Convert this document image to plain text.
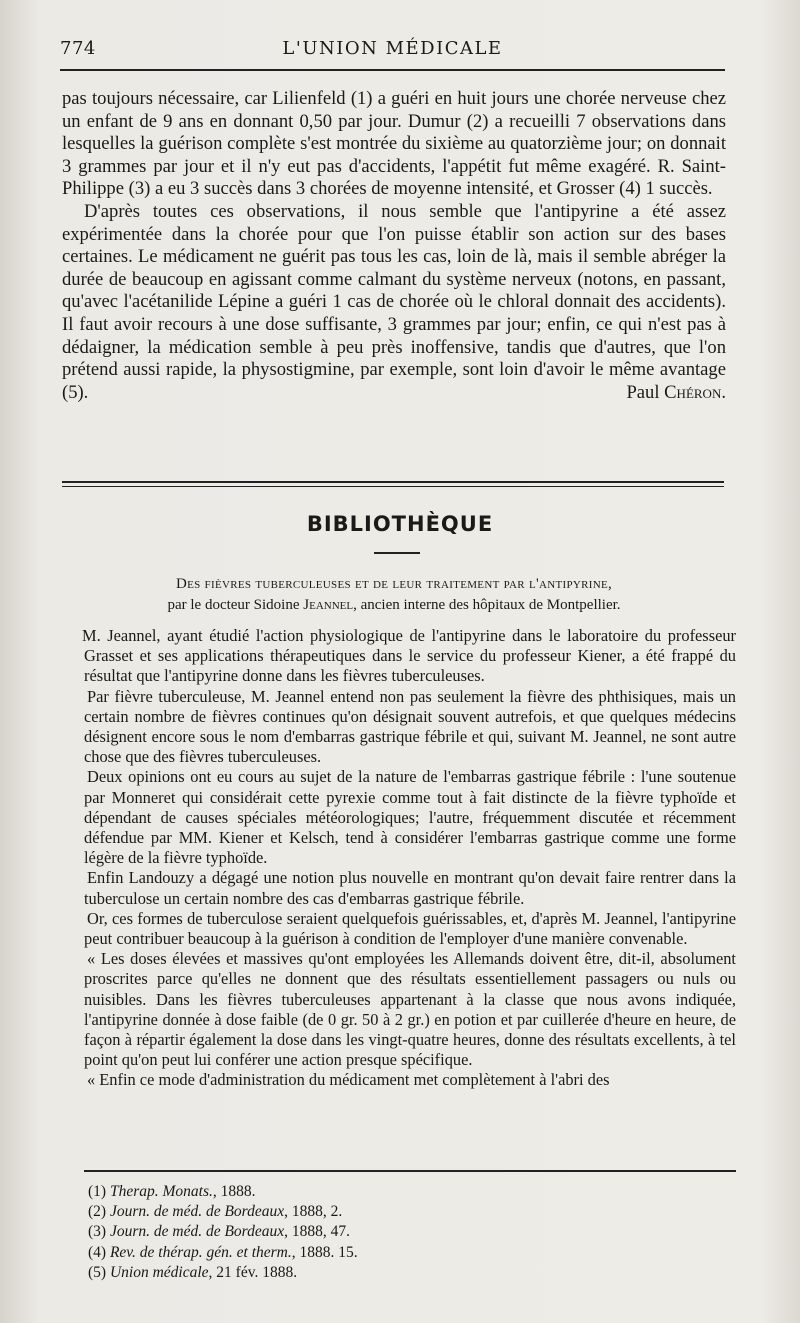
774	L'UNION MÉDICALE

pas toujours nécessaire, car Lilienfeld (1) a guéri en huit jours une chorée nerveuse chez un enfant de 9 ans en donnant 0,50 par jour. Dumur (2) a recueilli 7 observations dans lesquelles la guérison complète s'est montrée du sixième au quatorzième jour; on donnait 3 grammes par jour et il n'y eut pas d'accidents, l'appétit fut même exagéré. R. Saint-Philippe (3) a eu 3 succès dans 3 chorées de moyenne intensité, et Grosser (4) 1 succès.

D'après toutes ces observations, il nous semble que l'antipyrine a été assez expérimentée dans la chorée pour que l'on puisse établir son action sur des bases certaines. Le médicament ne guérit pas tous les cas, loin de là, mais il semble abréger la durée de beaucoup en agissant comme calmant du système nerveux (notons, en passant, qu'avec l'acétanilide Lépine a guéri 1 cas de chorée où le chloral donnait des accidents). Il faut avoir recours à une dose suffisante, 3 grammes par jour; enfin, ce qui n'est pas à dédaigner, la médication semble à peu près inoffensive, tandis que d'autres, que l'on prétend aussi rapide, la physostigmine, par exemple, sont loin d'avoir le même avantage (5).	Paul Chéron.

BIBLIOTHÈQUE
Des fièvres tuberculeuses et de leur traitement par l'antipyrine,
par le docteur Sidoine Jeannel, ancien interne des hôpitaux de Montpellier.

M. Jeannel, ayant étudié l'action physiologique de l'antipyrine dans le laboratoire du professeur Grasset et ses applications thérapeutiques dans le service du professeur Kiener, a été frappé du résultat que l'antipyrine donne dans les fièvres tuberculeuses.

Par fièvre tuberculeuse, M. Jeannel entend non pas seulement la fièvre des phthisiques, mais un certain nombre de fièvres continues qu'on désignait souvent autrefois, et que quelques médecins désignent encore sous le nom d'embarras gastrique fébrile et qui, suivant M. Jeannel, ne sont autre chose que des fièvres tuberculeuses.

Deux opinions ont eu cours au sujet de la nature de l'embarras gastrique fébrile : l'une soutenue par Monneret qui considérait cette pyrexie comme tout à fait distincte de la fièvre typhoïde et dépendant de causes spéciales météorologiques; l'autre, fréquemment discutée et récemment défendue par MM. Kiener et Kelsch, tend à considérer l'embarras gastrique comme une forme légère de la fièvre typhoïde.

Enfin Landouzy a dégagé une notion plus nouvelle en montrant qu'on devait faire rentrer dans la tuberculose un certain nombre des cas d'embarras gastrique fébrile.

Or, ces formes de tuberculose seraient quelquefois guérissables, et, d'après M. Jeannel, l'antipyrine peut contribuer beaucoup à la guérison à condition de l'employer d'une manière convenable.

« Les doses élevées et massives qu'ont employées les Allemands doivent être, dit-il, absolument proscrites parce qu'elles ne donnent que des résultats essentiellement passagers ou nuls ou nuisibles. Dans les fièvres tuberculeuses appartenant à la classe que nous avons indiquée, l'antipyrine donnée à dose faible (de 0 gr. 50 à 2 gr.) en potion et par cuillerée d'heure en heure, de façon à répartir également la dose dans les vingt-quatre heures, donne des résultats excellents, à tel point qu'on peut lui conférer une action presque spécifique.

« Enfin ce mode d'administration du médicament met complètement à l'abri des

(1) Therap. Monats., 1888.
(2) Journ. de méd. de Bordeaux, 1888, 2.
(3) Journ. de méd. de Bordeaux, 1888, 47.
(4) Rev. de thérap. gén. et therm., 1888. 15.
(5) Union médicale, 21 fév. 1888.
